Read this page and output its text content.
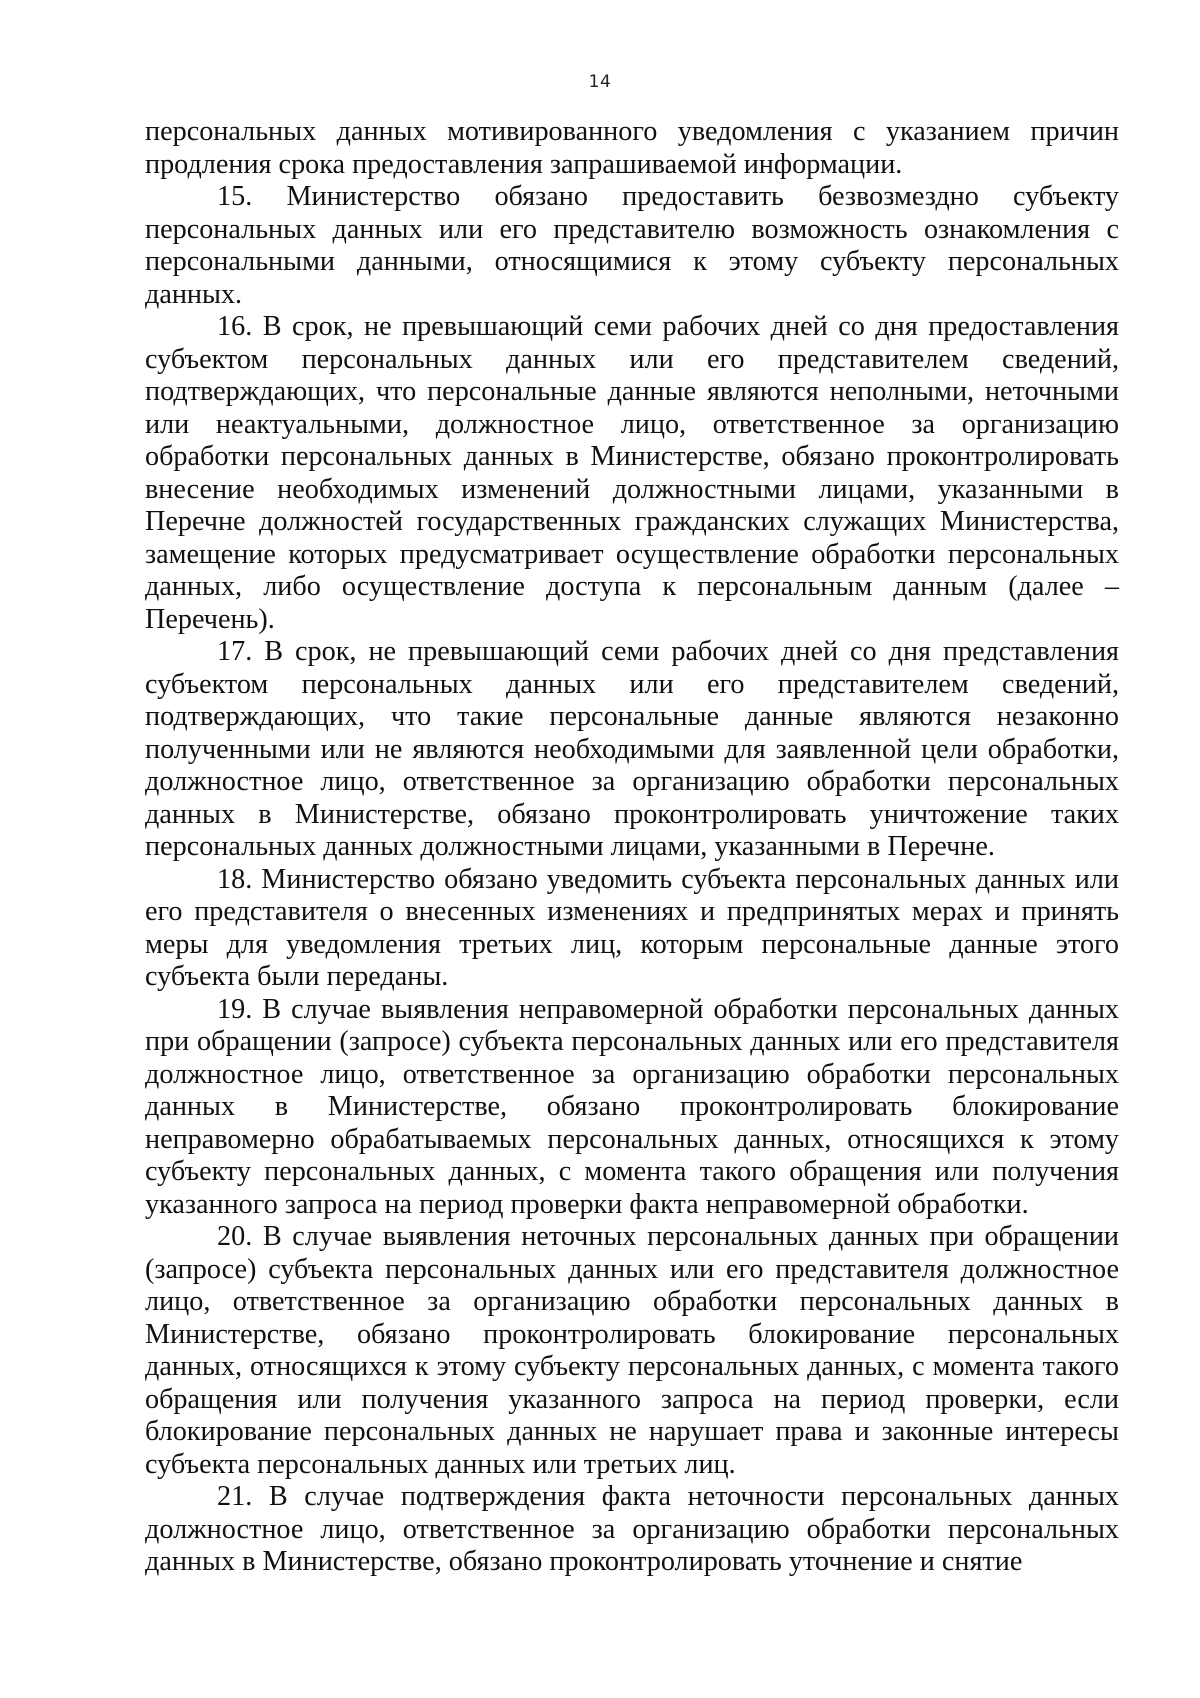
14

персональных данных мотивированного уведомления с указанием причин продления срока предоставления запрашиваемой информации.

15. Министерство обязано предоставить безвозмездно субъекту персональных данных или его представителю возможность ознакомления с персональными данными, относящимися к этому субъекту персональных данных.

16. В срок, не превышающий семи рабочих дней со дня предоставления субъектом персональных данных или его представителем сведений, подтверждающих, что персональные данные являются неполными, неточными или неактуальными, должностное лицо, ответственное за организацию обработки персональных данных в Министерстве, обязано проконтролировать внесение необходимых изменений должностными лицами, указанными в Перечне должностей государственных гражданских служащих Министерства, замещение которых предусматривает осуществление обработки персональных данных, либо осуществление доступа к персональным данным (далее – Перечень).

17. В срок, не превышающий семи рабочих дней со дня представления субъектом персональных данных или его представителем сведений, подтверждающих, что такие персональные данные являются незаконно полученными или не являются необходимыми для заявленной цели обработки, должностное лицо, ответственное за организацию обработки персональных данных в Министерстве, обязано проконтролировать уничтожение таких персональных данных должностными лицами, указанными в Перечне.

18. Министерство обязано уведомить субъекта персональных данных или его представителя о внесенных изменениях и предпринятых мерах и принять меры для уведомления третьих лиц, которым персональные данные этого субъекта были переданы.

19. В случае выявления неправомерной обработки персональных данных при обращении (запросе) субъекта персональных данных или его представителя должностное лицо, ответственное за организацию обработки персональных данных в Министерстве, обязано проконтролировать блокирование неправомерно обрабатываемых персональных данных, относящихся к этому субъекту персональных данных, с момента такого обращения или получения указанного запроса на период проверки факта неправомерной обработки.

20. В случае выявления неточных персональных данных при обращении (запросе) субъекта персональных данных или его представителя должностное лицо, ответственное за организацию обработки персональных данных в Министерстве, обязано проконтролировать блокирование персональных данных, относящихся к этому субъекту персональных данных, с момента такого обращения или получения указанного запроса на период проверки, если блокирование персональных данных не нарушает права и законные интересы субъекта персональных данных или третьих лиц.

21. В случае подтверждения факта неточности персональных данных должностное лицо, ответственное за организацию обработки персональных данных в Министерстве, обязано проконтролировать уточнение и снятие
